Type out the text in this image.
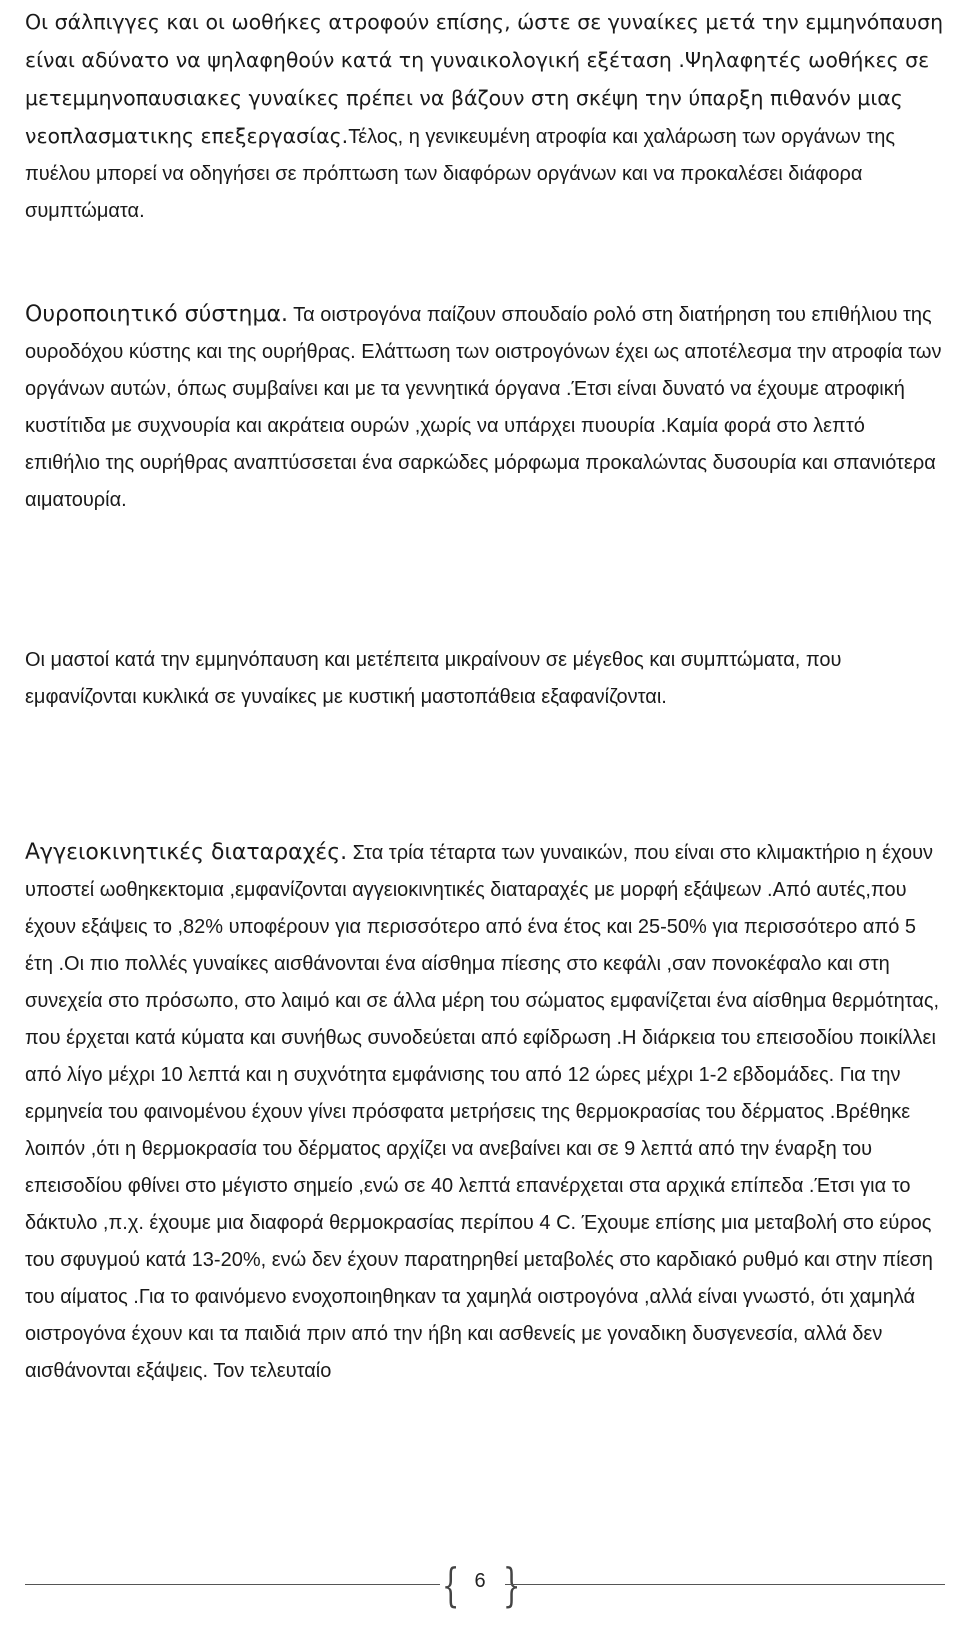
Οι σάλπιγγες και οι ωοθήκες ατροφούν επίσης, ώστε σε γυναίκες μετά την εμμηνόπαυση είναι αδύνατο να ψηλαφηθούν κατά τη γυναικολογική εξέταση .Ψηλαφητές ωοθήκες σε μετεμμηνοπαυσιακες γυναίκες πρέπει να βάζουν στη σκέψη την ύπαρξη πιθανόν μιας νεοπλασματικης επεξεργασίας.Τέλος, η γενικευμένη ατροφία και χαλάρωση των οργάνων της πυέλου μπορεί να οδηγήσει σε πρόπτωση των διαφόρων οργάνων και να προκαλέσει διάφορα συμπτώματα.

Ουροποιητικό σύστημα. Τα οιστρογόνα παίζουν σπουδαίο ρολό στη διατήρηση του επιθήλιου της ουροδόχου κύστης και της ουρήθρας. Ελάττωση των οιστρογόνων έχει ως αποτέλεσμα την ατροφία των οργάνων αυτών, όπως συμβαίνει και με τα γεννητικά όργανα .Έτσι είναι δυνατό να έχουμε ατροφική κυστίτιδα με συχνουρία και ακράτεια ουρών ,χωρίς να υπάρχει πυουρία .Καμία φορά στο λεπτό επιθήλιο της ουρήθρας αναπτύσσεται ένα σαρκώδες μόρφωμα προκαλώντας δυσουρία και σπανιότερα αιματουρία.

Οι μαστοί κατά την εμμηνόπαυση και μετέπειτα μικραίνουν σε μέγεθος και συμπτώματα, που εμφανίζονται κυκλικά σε γυναίκες με κυστική μαστοπάθεια εξαφανίζονται.

Αγγειοκινητικές διαταραχές. Στα τρία τέταρτα των γυναικών, που είναι στο κλιμακτήριο η έχουν υποστεί ωοθηκεκτομια ,εμφανίζονται αγγειοκινητικές διαταραχές με μορφή εξάψεων .Από αυτές,που έχουν εξάψεις το ,82% υποφέρουν για περισσότερο από ένα έτος και 25-50% για περισσότερο από 5 έτη .Οι πιο πολλές γυναίκες αισθάνονται ένα αίσθημα πίεσης στο κεφάλι ,σαν πονοκέφαλο και στη συνεχεία στο πρόσωπο, στο λαιμό και σε άλλα μέρη του σώματος εμφανίζεται ένα αίσθημα θερμότητας, που έρχεται κατά κύματα και συνήθως συνοδεύεται από εφίδρωση .Η διάρκεια του επεισοδίου ποικίλλει από λίγο μέχρι 10 λεπτά και η συχνότητα εμφάνισης του από 12 ώρες μέχρι 1-2 εβδομάδες. Για την ερμηνεία του φαινομένου έχουν γίνει πρόσφατα μετρήσεις της θερμοκρασίας του δέρματος .Βρέθηκε λοιπόν ,ότι η θερμοκρασία του δέρματος αρχίζει να ανεβαίνει και σε 9 λεπτά από την έναρξη του επεισοδίου φθίνει στο μέγιστο σημείο ,ενώ σε 40 λεπτά επανέρχεται στα αρχικά επίπεδα .Έτσι για το δάκτυλο ,π.χ. έχουμε μια διαφορά θερμοκρασίας περίπου 4 C. Έχουμε επίσης μια μεταβολή στο εύρος του σφυγμού κατά 13-20%, ενώ δεν έχουν παρατηρηθεί μεταβολές στο καρδιακό ρυθμό και στην πίεση του αίματος .Για το φαινόμενο ενοχοποιηθηκαν τα χαμηλά οιστρογόνα ,αλλά είναι γνωστό, ότι χαμηλά οιστρογόνα έχουν και τα παιδιά πριν από την ήβη και ασθενείς με γοναδικη δυσγενεσία, αλλά δεν αισθάνονται εξάψεις. Τον τελευταίο

{ 6 }
